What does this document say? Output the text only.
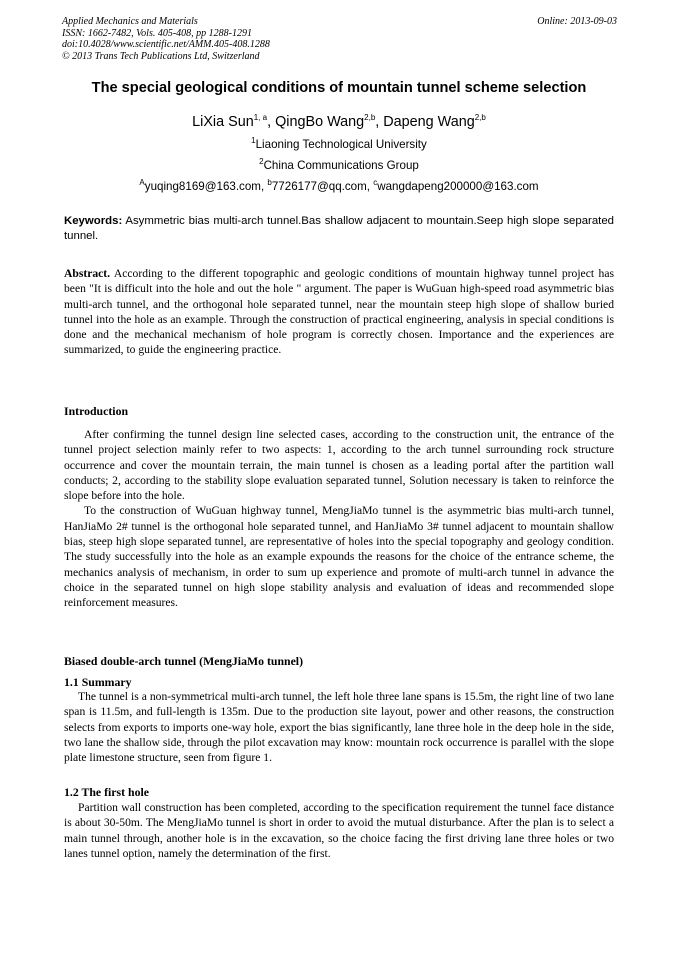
Applied Mechanics and Materials
ISSN: 1662-7482, Vols. 405-408, pp 1288-1291
doi:10.4028/www.scientific.net/AMM.405-408.1288
© 2013 Trans Tech Publications Ltd, Switzerland
Online: 2013-09-03
The special geological conditions of mountain tunnel scheme selection
LiXia Sun$^{1, a}$, QingBo Wang$^{2,b}$, Dapeng Wang$^{2,b}$
$^1$Liaoning Technological University
$^2$China Communications Group
$^A$yuqing8169@163.com, $^b$7726177@qq.com, $^c$wangdapeng200000@163.com
Keywords: Asymmetric bias multi-arch tunnel.Bas shallow adjacent to mountain.Seep high slope separated tunnel.

Abstract. According to the different topographic and geologic conditions of mountain highway tunnel project has been "It is difficult into the hole and out the hole " argument. The paper is WuGuan high-speed road asymmetric bias multi-arch tunnel, and the orthogonal hole separated tunnel, near the mountain steep high slope of shallow buried tunnel into the hole as an example. Through the construction of practical engineering, analysis in special conditions is done and the mechanical mechanism of hole program is correctly chosen. Importance and the experiences are summarized, to guide the engineering practice.

Introduction

After confirming the tunnel design line selected cases, according to the construction unit, the entrance of the tunnel project selection mainly refer to two aspects: 1, according to the arch tunnel surrounding rock structure occurrence and cover the mountain terrain, the main tunnel is chosen as a leading portal after the partition wall conducts; 2, according to the stability slope evaluation separated tunnel, Solution necessary is taken to reinforce the slope before into the hole.

To the construction of WuGuan highway tunnel, MengJiaMo tunnel is the asymmetric bias multi-arch tunnel, HanJiaMo 2# tunnel is the orthogonal hole separated tunnel, and HanJiaMo 3# tunnel adjacent to mountain shallow bias, steep high slope separated tunnel, are representative of holes into the special topography and geology condition. The study successfully into the hole as an example expounds the reasons for the choice of the entrance scheme, the mechanics analysis of mechanism, in order to sum up experience and promote of multi-arch tunnel in advance the choice in the separated tunnel on high slope stability analysis and evaluation of ideas and recommended slope reinforcement measures.

Biased double-arch tunnel (MengJiaMo tunnel)
1.1 Summary

The tunnel is a non-symmetrical multi-arch tunnel, the left hole three lane spans is 15.5m, the right line of two lane span is 11.5m, and full-length is 135m. Due to the production site layout, power and other reasons, the construction selects from exports to imports one-way hole, export the bias significantly, lane three hole in the deep hole in the side, two lane the shallow side, through the pilot excavation may know: mountain rock occurrence is parallel with the slope plate limestone structure, seen from figure 1.

1.2 The first hole

Partition wall construction has been completed, according to the specification requirement the tunnel face distance is about 30-50m. The MengJiaMo tunnel is short in order to avoid the mutual disturbance. After the plan is to select a main tunnel through, another hole is in the excavation, so the choice facing the first driving lane three holes or two lanes tunnel option, namely the determination of the first.
